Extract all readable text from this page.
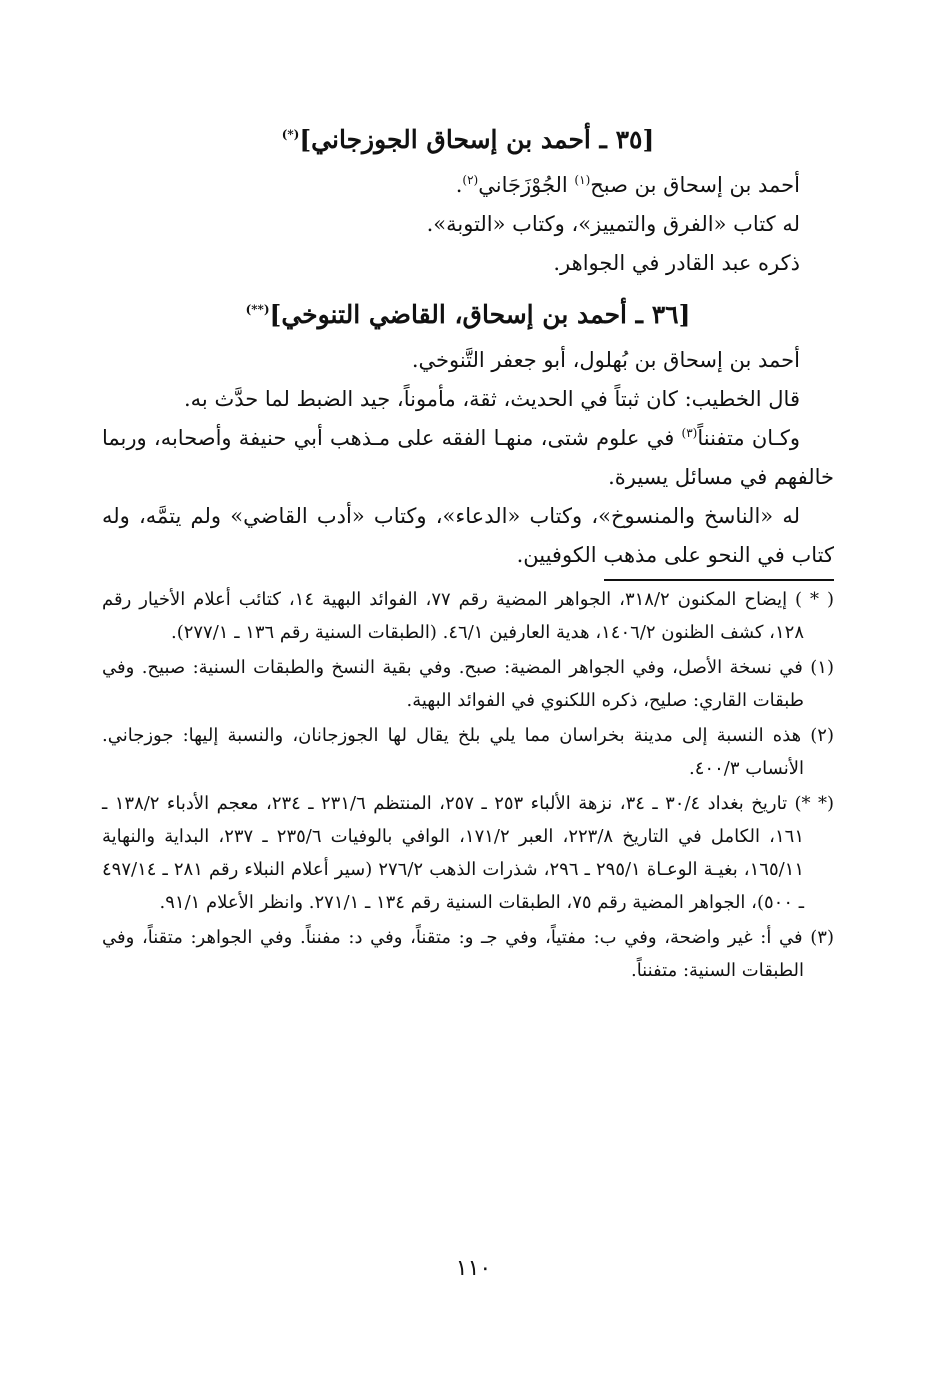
[٣٥ ـ أحمد بن إسحاق الجوزجاني](*)

أحمد بن إسحاق بن صبح$^{(١)}$ الجُوْزَجَاني$^{(٢)}$.

له كتاب «الفرق والتمييز»، وكتاب «التوبة».

ذكره عبد القادر في الجواهر.

[٣٦ ـ أحمد بن إسحاق، القاضي التنوخي](**)

أحمد بن إسحاق بن بُهلول، أبو جعفر التَّنوخي.

قال الخطيب: كان ثبتاً في الحديث، ثقة، مأموناً، جيد الضبط لما حدَّث به.

وكـان متفنناً$^{(٣)}$ في علوم شتى، منهـا الفقه على مـذهب أبي حنيفة وأصحابه، وربما خالفهم في مسائل يسيرة.

له «الناسخ والمنسوخ»، وكتاب «الدعاء»، وكتاب «أدب القاضي» ولم يتمَّه، وله كتاب في النحو على مذهب الكوفيين.

( * ) إيضاح المكنون ٣١٨/٢، الجواهر المضية رقم ٧٧، الفوائد البهية ١٤، كتائب أعلام الأخيار رقم ١٢٨، كشف الظنون ١٤٠٦/٢، هدية العارفين ٤٦/١. (الطبقات السنية رقم ١٣٦ ـ ٢٧٧/١).

(١) في نسخة الأصل، وفي الجواهر المضية: صبح. وفي بقية النسخ والطبقات السنية: صبيح. وفي طبقات القاري: صليح، ذكره اللكنوي في الفوائد البهية.

(٢) هذه النسبة إلى مدينة بخراسان مما يلي بلخ يقال لها الجوزجانان، والنسبة إليها: جوزجاني. الأنساب ٤٠٠/٣.

(* *) تاريخ بغداد ٣٠/٤ ـ ٣٤، نزهة الألباء ٢٥٣ ـ ٢٥٧، المنتظم ٢٣١/٦ ـ ٢٣٤، معجم الأدباء ١٣٨/٢ ـ ١٦١، الكامل في التاريخ ٢٢٣/٨، العبر ١٧١/٢، الوافي بالوفيات ٢٣٥/٦ ـ ٢٣٧، البداية والنهاية ١٦٥/١١، بغيـة الوعـاة ٢٩٥/١ ـ ٢٩٦، شذرات الذهب ٢٧٦/٢ (سير أعلام النبلاء رقم ٢٨١ ـ ٤٩٧/١٤ ـ ٥٠٠)، الجواهر المضية رقم ٧٥، الطبقات السنية رقم ١٣٤ ـ ٢٧١/١. وانظر الأعلام ٩١/١.

(٣) في أ: غير واضحة، وفي ب: مفتياً، وفي جـ و: متقناً، وفي د: مفنناً. وفي الجواهر: متقناً، وفي الطبقات السنية: متفنناً.

١١٠
